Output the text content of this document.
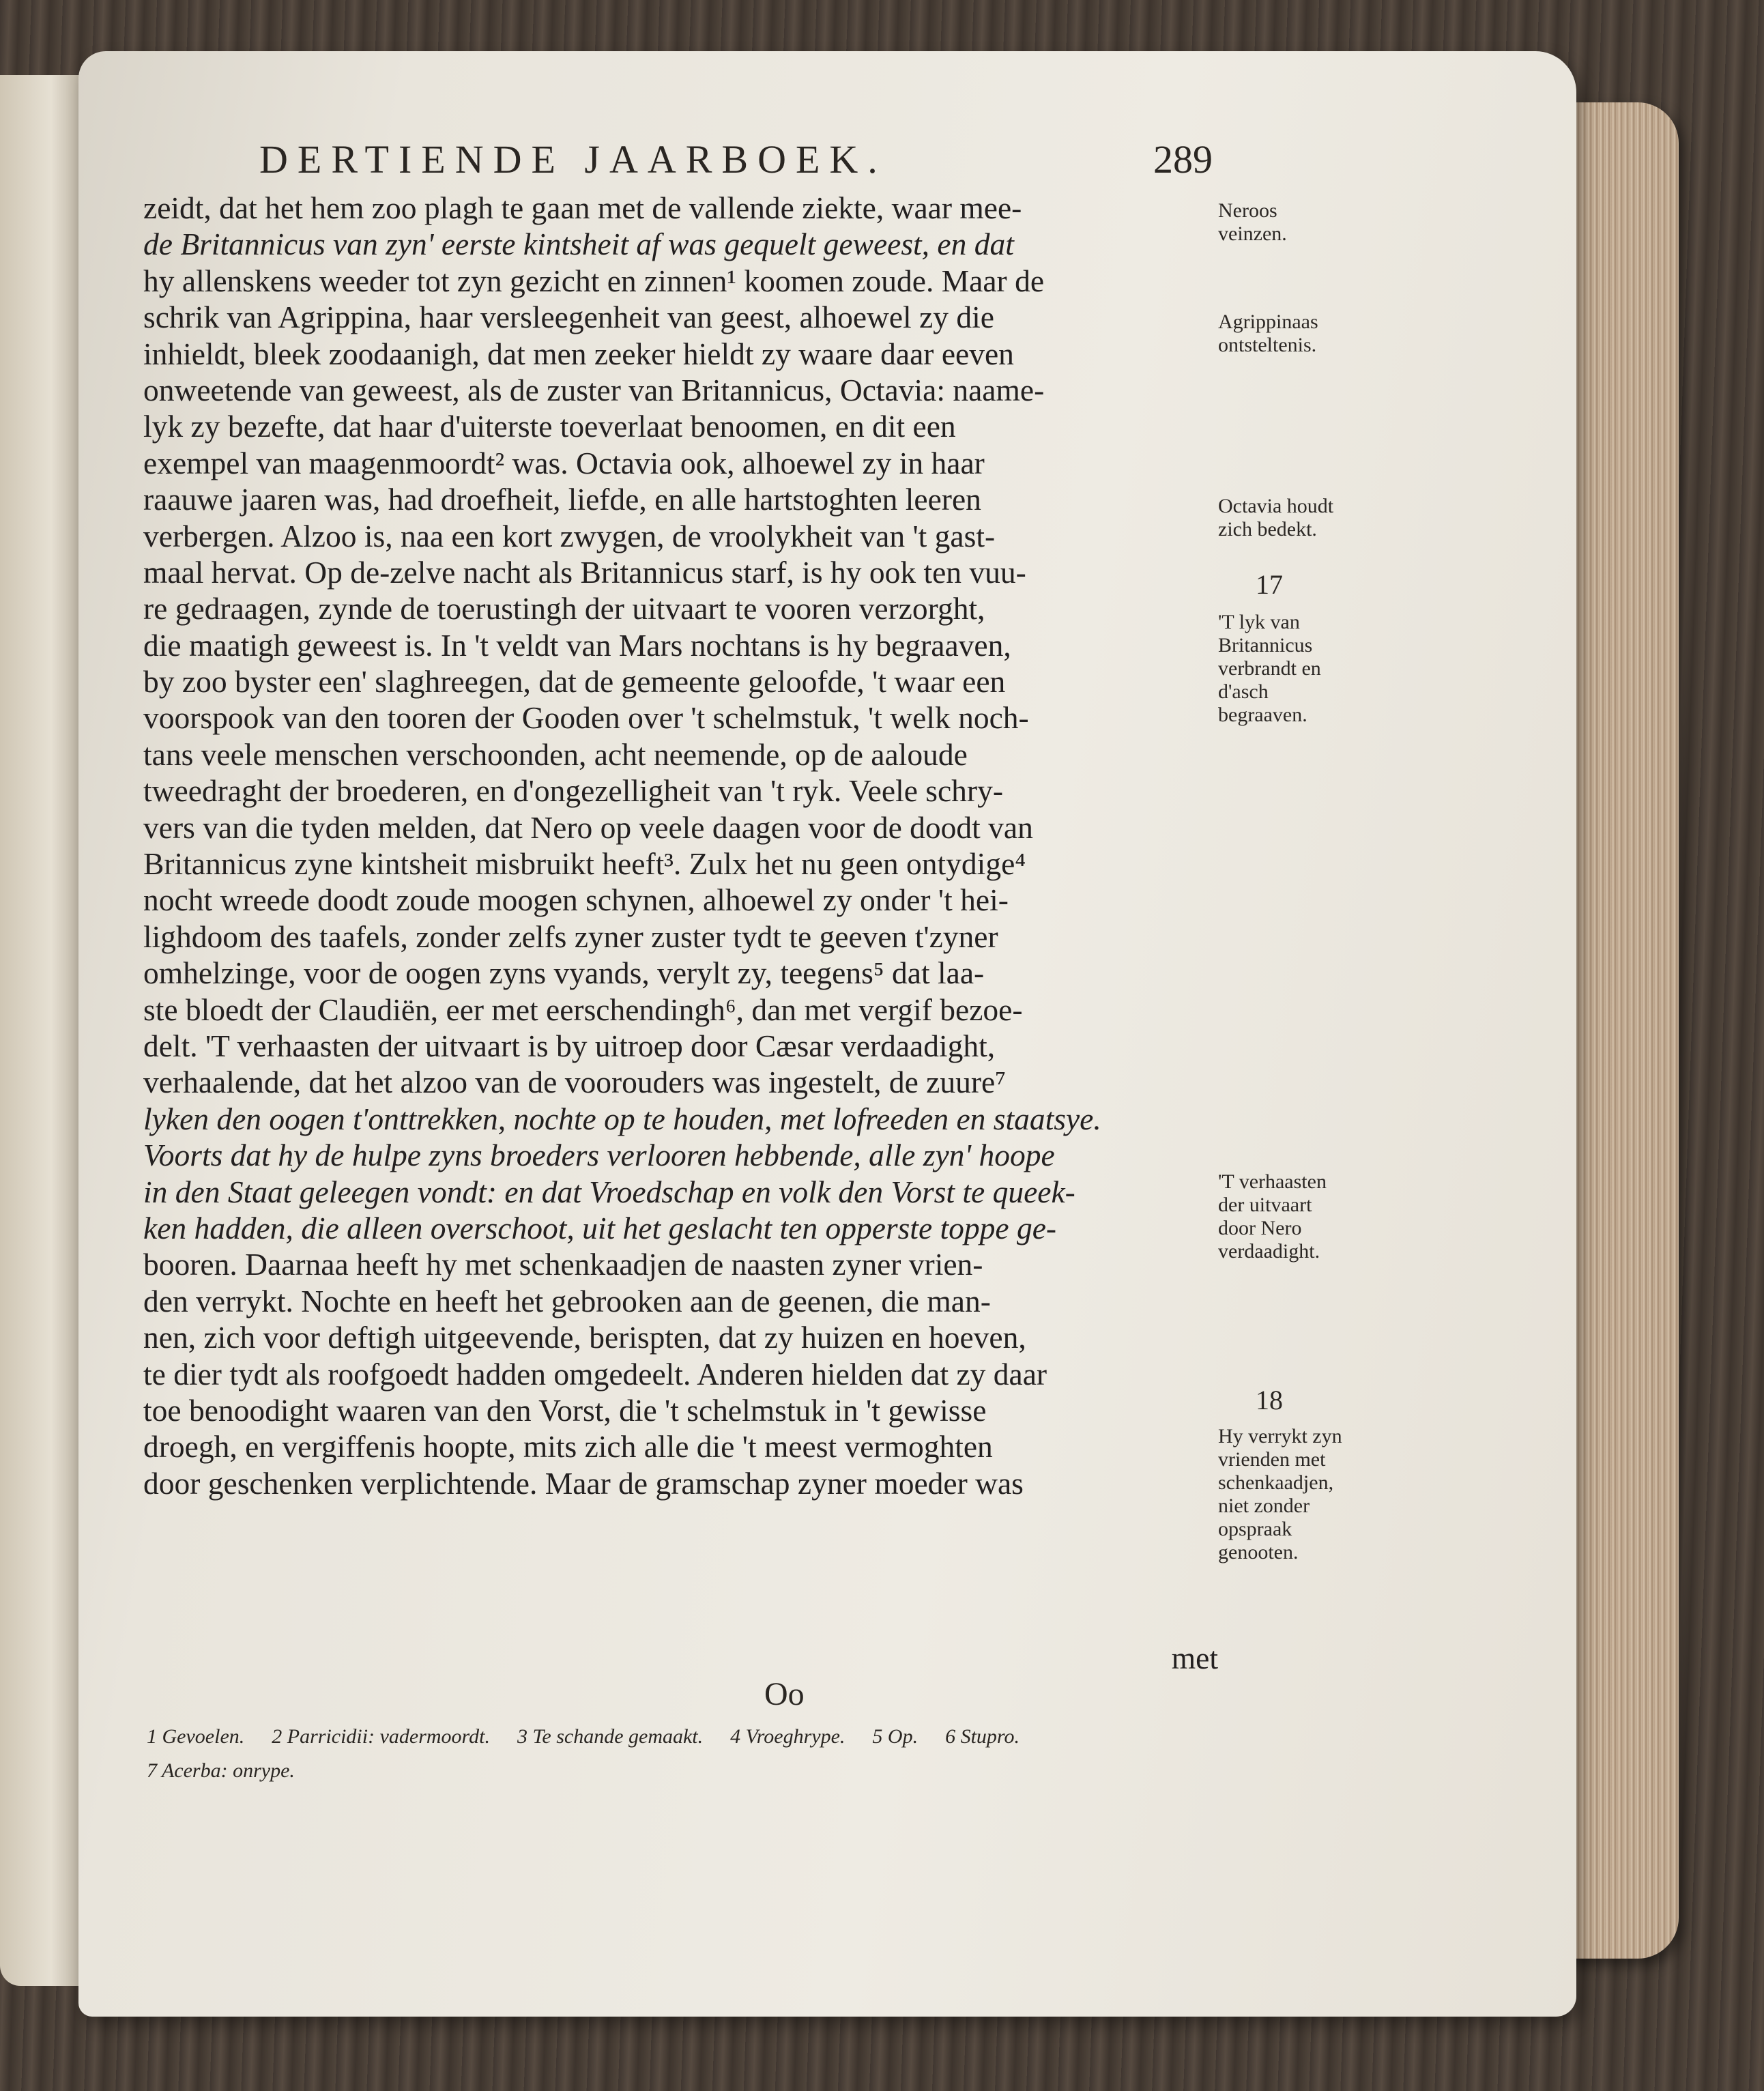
DERTIENDE JAARBOEK.	289
zeidt, dat het hem zoo plagh te gaan met de vallende ziekte, waar mee-
de Britannicus van zyn' eerste kintsheit af was gequelt geweest, en dat
hy allenskens weeder tot zyn gezicht en zinnen¹ koomen zoude. Maar de
schrik van Agrippina, haar versleegenheit van geest, alhoewel zy die
inhieldt, bleek zoodaanigh, dat men zeeker hieldt zy waare daar eeven
onweetende van geweest, als de zuster van Britannicus, Octavia: naame-
lyk zy bezefte, dat haar d'uiterste toeverlaat benoomen, en dit een
exempel van maagenmoordt² was. Octavia ook, alhoewel zy in haar
raauwe jaaren was, had droefheit, liefde, en alle hartstoghten leeren
verbergen. Alzoo is, naa een kort zwygen, de vroolykheit van 't gast-
maal hervat. Op de-zelve nacht als Britannicus starf, is hy ook ten vuu-
re gedraagen, zynde de toerustingh der uitvaart te vooren verzorght,
die maatigh geweest is. In 't veldt van Mars nochtans is hy begraaven,
by zoo byster een' slaghreegen, dat de gemeente geloofde, 't waar een
voorspook van den tooren der Gooden over 't schelmstuk, 't welk noch-
tans veele menschen verschoonden, acht neemende, op de aaloude
tweedraght der broederen, en d'ongezelligheit van 't ryk. Veele schry-
vers van die tyden melden, dat Nero op veele daagen voor de doodt van
Britannicus zyne kintsheit misbruikt heeft³. Zulx het nu geen ontydige⁴
nocht wreede doodt zoude moogen schynen, alhoewel zy onder 't hei-
lighdoom des taafels, zonder zelfs zyner zuster tydt te geeven t'zyner
omhelzinge, voor de oogen zyns vyands, verylt zy, teegens⁵ dat laa-
ste bloedt der Claudiën, eer met eerschendingh⁶, dan met vergif bezoe-
delt. 'T verhaasten der uitvaart is by uitroep door Cæsar verdaadight,
verhaalende, dat het alzoo van de voorouders was ingestelt, de zuure⁷
lyken den oogen t'onttrekken, nochte op te houden, met lofreeden en staatsye.
Voorts dat hy de hulpe zyns broeders verlooren hebbende, alle zyn' hoope
in den Staat geleegen vondt: en dat Vroedschap en volk den Vorst te queek-
ken hadden, die alleen overschoot, uit het geslacht ten opperste toppe ge-
booren. Daarnaa heeft hy met schenkaadjen de naasten zyner vrien-
den verrykt. Nochte en heeft het gebrooken aan de geenen, die man-
nen, zich voor deftigh uitgeevende, berispten, dat zy huizen en hoeven,
te dier tydt als roofgoedt hadden omgedeelt. Anderen hielden dat zy daar
toe benoodight waaren van den Vorst, die 't schelmstuk in 't gewisse
droegh, en vergiffenis hoopte, mits zich alle die 't meest vermoghten
door geschenken verplichtende. Maar de gramschap zyner moeder was
Neroos veinzen.
Agrippinaas ontsteltenis.
Octavia houdt zich bedekt.
17
'T lyk van Britannicus verbrandt en d'asch begraaven.
'T verhaasten der uitvaart door Nero verdaadight.
18
Hy verrykt zyn vrienden met schenkaadjen, niet zonder opspraak genooten.
met
Oo
1 Gevoelen. 2 Parricidii: vadermoordt. 3 Te schande gemaakt. 4 Vroeghrype. 5 Op. 6 Stupro.
7 Acerba: onrype.
